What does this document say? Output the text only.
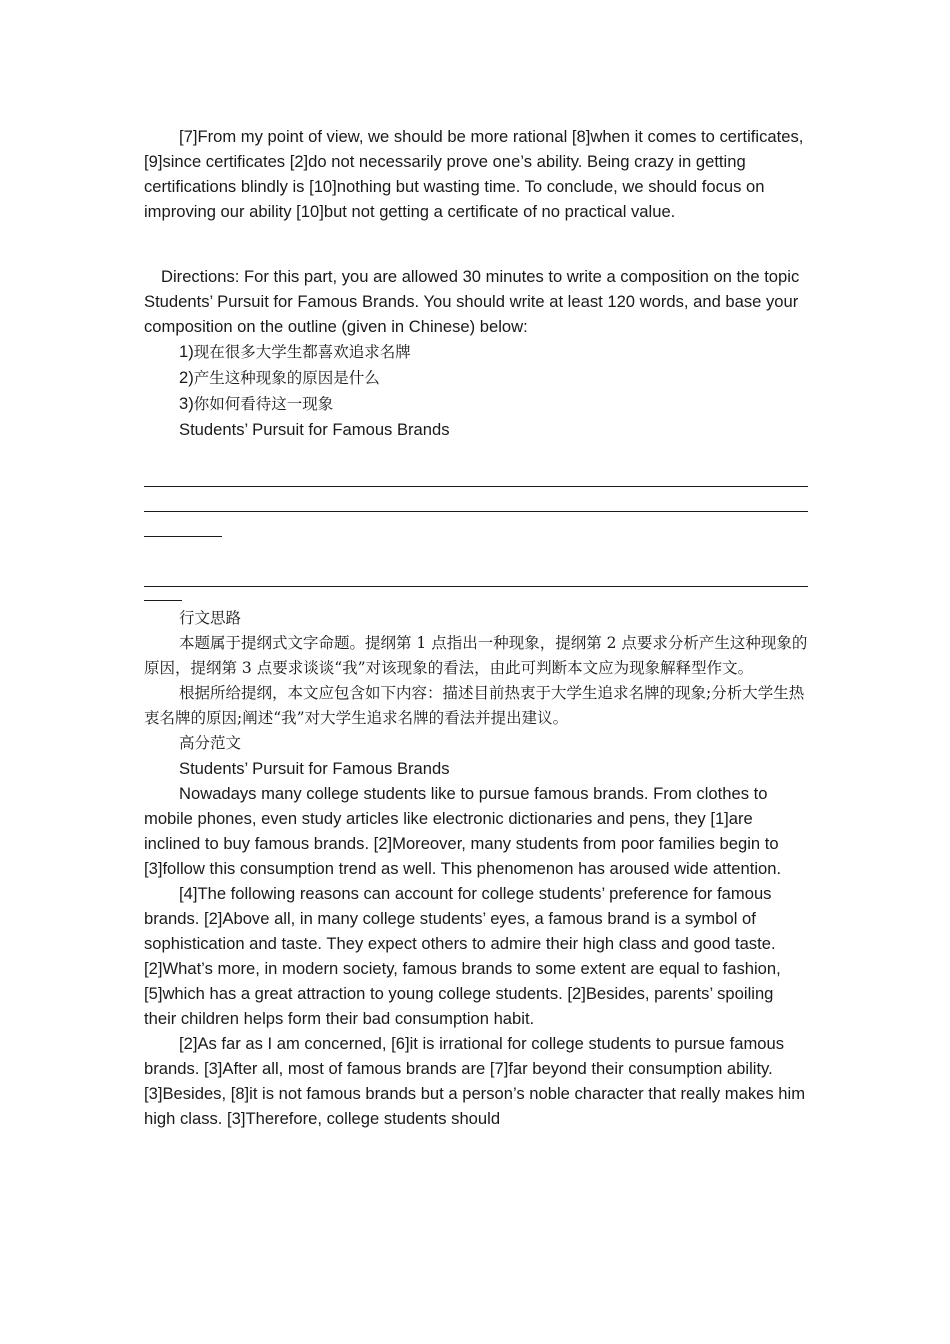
[7]From my point of view, we should be more rational [8]when it comes to certificates, [9]since certificates [2]do not necessarily prove one’s ability. Being crazy in getting certifications blindly is [10]nothing but wasting time. To conclude, we should focus on improving our ability [10]but not getting a certificate of no practical value.

Directions: For this part, you are allowed 30 minutes to write a composition on the topic Students’ Pursuit for Famous Brands. You should write at least 120 words, and base your composition on the outline (given in Chinese) below:

1)现在很多大学生都喜欢追求名牌
2)产生这种现象的原因是什么
3)你如何看待这一现象
Students’ Pursuit for Famous Brands
行文思路

本题属于提纲式文字命题。提纲第 1 点指出一种现象，提纲第 2 点要求分析产生这种现象的原因，提纲第 3 点要求谈谈“我”对该现象的看法，由此可判断本文应为现象解释型作文。

根据所给提纲，本文应包含如下内容：描述目前热衷于大学生追求名牌的现象;分析大学生热衷名牌的原因;阐述“我”对大学生追求名牌的看法并提出建议。

高分范文
Students’ Pursuit for Famous Brands

Nowadays many college students like to pursue famous brands. From clothes to mobile phones, even study articles like electronic dictionaries and pens, they [1]are inclined to buy famous brands. [2]Moreover, many students from poor families begin to [3]follow this consumption trend as well. This phenomenon has aroused wide attention.

[4]The following reasons can account for college students’ preference for famous brands. [2]Above all, in many college students’ eyes, a famous brand is a symbol of sophistication and taste. They expect others to admire their high class and good taste. [2]What’s more, in modern society, famous brands to some extent are equal to fashion, [5]which has a great attraction to young college students. [2]Besides, parents’ spoiling their children helps form their bad consumption habit.

[2]As far as I am concerned, [6]it is irrational for college students to pursue famous brands. [3]After all, most of famous brands are [7]far beyond their consumption ability. [3]Besides, [8]it is not famous brands but a person’s noble character that really makes him high class. [3]Therefore, college students should
